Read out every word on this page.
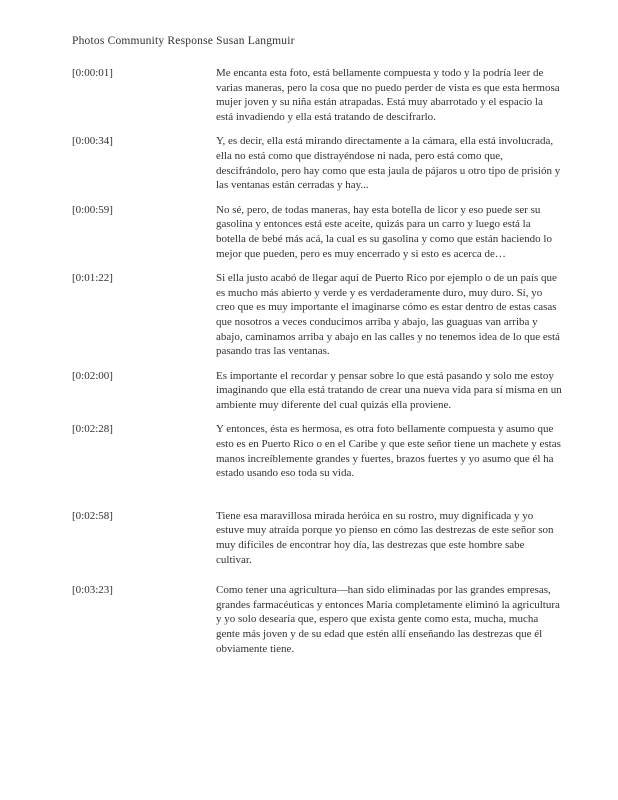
Photos Community Response Susan Langmuir
[0:00:01]	Me encanta esta foto, está bellamente compuesta y todo y la podría leer de varias maneras, pero la cosa que no puedo perder de vista es que esta hermosa mujer joven y su niña están atrapadas. Está muy abarrotado y el espacio la está invadiendo y ella está tratando de descifrarlo.
[0:00:34]	Y, es decir, ella está mirando directamente a la cámara, ella está involucrada, ella no está como que distrayéndose ni nada, pero está como que, descifrándolo, pero hay como que esta jaula de pájaros u otro tipo de prisión y las ventanas están cerradas y hay...
[0:00:59]	No sé, pero, de todas maneras, hay esta botella de licor y eso puede ser su gasolina y entonces está este aceite, quizás para un carro y luego está la botella de bebé más acá, la cual es su gasolina y como que están haciendo lo mejor que pueden, pero es muy encerrado y si esto es acerca de…
[0:01:22]	Si ella justo acabó de llegar aquí de Puerto Rico por ejemplo o de un país que es mucho más abierto y verde y es verdaderamente duro, muy duro. Sí, yo creo que es muy importante el imaginarse cómo es estar dentro de estas casas que nosotros a veces conducimos arriba y abajo, las guaguas van arriba y abajo, caminamos arriba y abajo en las calles y no tenemos idea de lo que está pasando tras las ventanas.
[0:02:00]	Es importante el recordar y pensar sobre lo que está pasando y solo me estoy imaginando que ella está tratando de crear una nueva vida para sí misma en un ambiente muy diferente del cual quizás ella proviene.
[0:02:28]	Y entonces, ésta es hermosa, es otra foto bellamente compuesta y asumo que esto es en Puerto Rico o en el Caribe y que este señor tiene un machete y estas manos increíblemente grandes y fuertes, brazos fuertes y yo asumo que él ha estado usando eso toda su vida.
[0:02:58]	Tiene esa maravillosa mirada heróica en su rostro, muy dignificada y yo estuve muy atraída porque yo pienso en cómo las destrezas de este señor son muy difíciles de encontrar hoy día, las destrezas que este hombre sabe cultivar.
[0:03:23]	Como tener una agricultura—han sido eliminadas por las grandes empresas, grandes farmacéuticas y entonces María completamente eliminó la agricultura y yo solo desearía que, espero que exista gente como esta, mucha, mucha gente más joven y de su edad que estén allí enseñando las destrezas que él obviamente tiene.
